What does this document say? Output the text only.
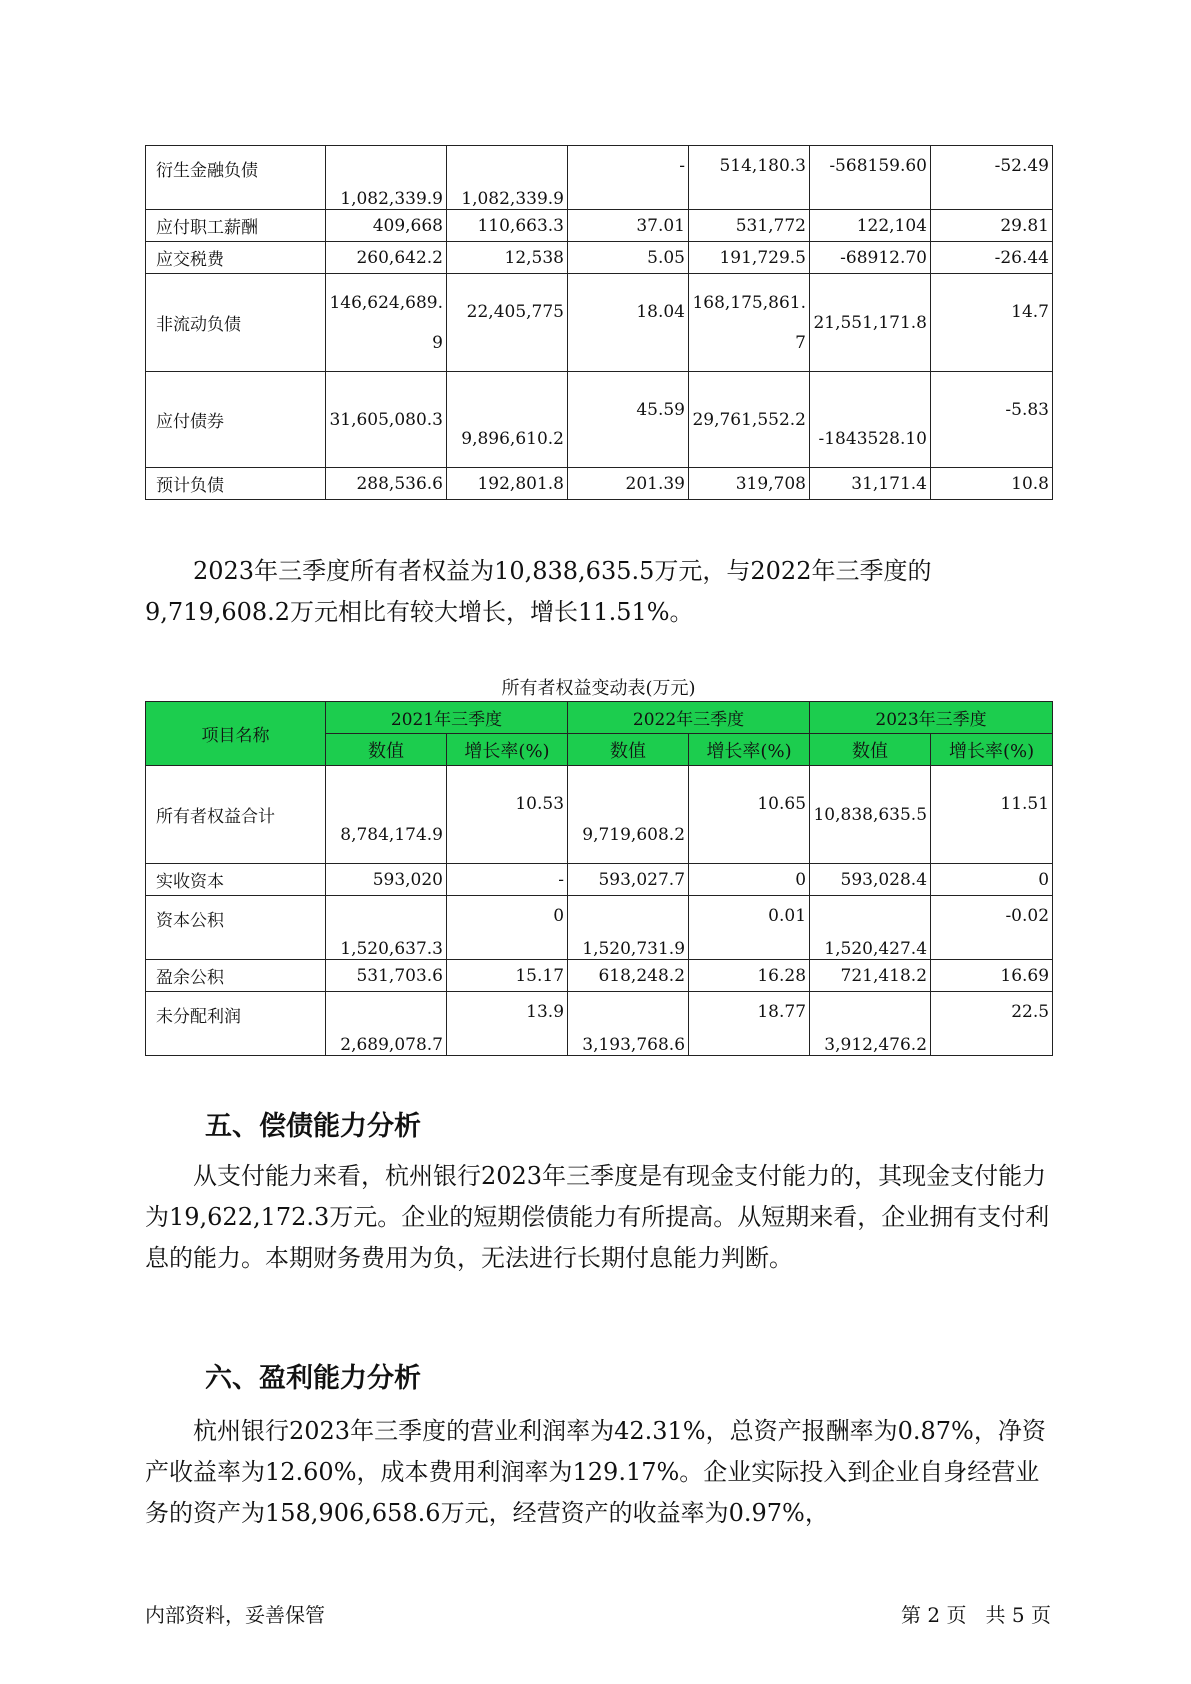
衍生金融负债	1,082,339.9	1,082,339.9	-	514,180.3	-568159.60	-52.49
应付职工薪酬	409,668	110,663.3	37.01	531,772	122,104	29.81
应交税费	260,642.2	12,538	5.05	191,729.5	-68912.70	-26.44
非流动负债	146,624,689.9	22,405,775	18.04	168,175,861.7	21,551,171.8	14.7
应付债券	31,605,080.3	9,896,610.2	45.59	29,761,552.2	-1843528.10	-5.83
预计负债	288,536.6	192,801.8	201.39	319,708	31,171.4	10.8

2023年三季度所有者权益为10,838,635.5万元，与2022年三季度的9,719,608.2万元相比有较大增长，增长11.51%。

所有者权益变动表(万元)
项目名称	2021年三季度		2022年三季度		2023年三季度	
	数值	增长率(%)	数值	增长率(%)	数值	增长率(%)
所有者权益合计	8,784,174.9	10.53	9,719,608.2	10.65	10,838,635.5	11.51
实收资本	593,020	-	593,027.7	0	593,028.4	0
资本公积	1,520,637.3	0	1,520,731.9	0.01	1,520,427.4	-0.02
盈余公积	531,703.6	15.17	618,248.2	16.28	721,418.2	16.69
未分配利润	2,689,078.7	13.9	3,193,768.6	18.77	3,912,476.2	22.5
五、偿债能力分析

从支付能力来看，杭州银行2023年三季度是有现金支付能力的，其现金支付能力为19,622,172.3万元。企业的短期偿债能力有所提高。从短期来看，企业拥有支付利息的能力。本期财务费用为负，无法进行长期付息能力判断。

六、盈利能力分析

杭州银行2023年三季度的营业利润率为42.31%，总资产报酬率为0.87%，净资产收益率为12.60%，成本费用利润率为129.17%。企业实际投入到企业自身经营业务的资产为158,906,658.6万元，经营资产的收益率为0.97%，

内部资料，妥善保管	第 2 页   共 5 页
